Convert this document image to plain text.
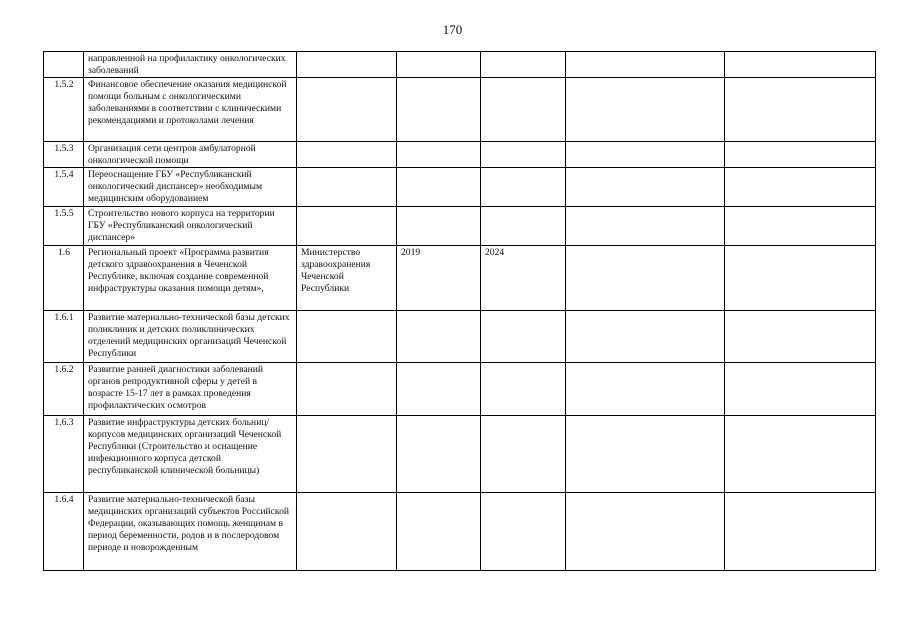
170
	направленной на профилактику онкологических заболеваний					
1.5.2	Финансовое обеспечение оказания медицинской помощи больным с онкологическими заболеваниями в соответствии с клиническими рекомендациями и протоколами лечения					
1.5.3	Организация сети центров амбулаторной онкологической помощи					
1.5.4	Переоснащение ГБУ «Республиканский онкологический диспансер» необходимым медицинским оборудованием					
1.5.5	Строительство нового корпуса на территории ГБУ «Республиканский онкологический диспансер»					
1.6	Региональный проект «Программа развития детского здравоохранения в Чеченской Республике, включая создание современной инфраструктуры оказания помощи детям»,	Министерство здравоохранения Чеченской Республики	2019	2024		
1.6.1	Развитие материально-технической базы детских поликлиник и детских поликлинических отделений медицинских организаций Чеченской Республики					
1.6.2	Развитие ранней диагностики заболеваний органов репродуктивной сферы у детей в возрасте 15-17 лет в рамках проведения профилактических осмотров					
1.6.3	Развитие инфраструктуры детских больниц/корпусов медицинских организаций Чеченской Республики (Строительство и оснащение инфекционного корпуса детской республиканской клинической больницы)					
1.6.4	Развитие материально-технической базы медицинских организаций субъектов Российской Федерации, оказывающих помощь женщинам в период беременности, родов и в послеродовом периоде и новорожденным					
